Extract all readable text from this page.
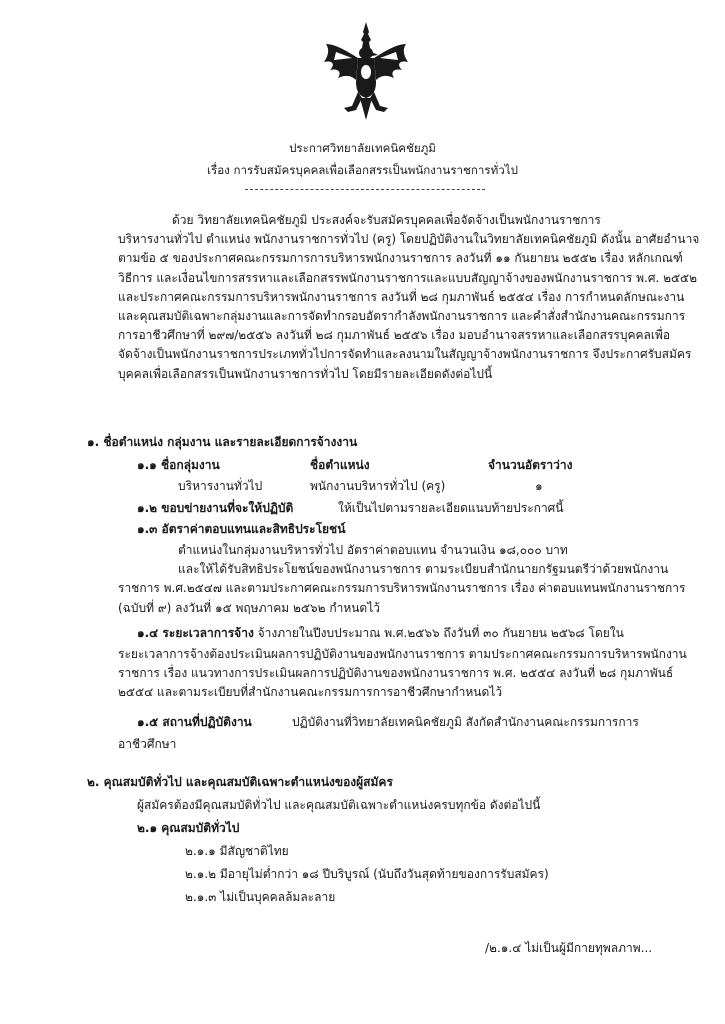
ประกาศวิทยาลัยเทคนิคชัยภูมิ
เรื่อง การรับสมัครบุคคลเพื่อเลือกสรรเป็นพนักงานราชการทั่วไป
ด้วย วิทยาลัยเทคนิคชัยภูมิ ประสงค์จะรับสมัครบุคคลเพื่อจัดจ้างเป็นพนักงานราชการ
บริหารงานทั่วไป ตำแหน่ง พนักงานราชการทั่วไป (ครู) โดยปฏิบัติงานในวิทยาลัยเทคนิคชัยภูมิ ดังนั้น อาศัยอำนาจ
ตามข้อ ๕ ของประกาศคณะกรรมการการบริหารพนักงานราชการ ลงวันที่ ๑๑ กันยายน ๒๕๕๒ เรื่อง หลักเกณฑ์
วิธีการ และเงื่อนไขการสรรหาและเลือกสรรพนักงานราชการและแบบสัญญาจ้างของพนักงานราชการ พ.ศ. ๒๕๕๒
และประกาศคณะกรรมการบริหารพนักงานราชการ ลงวันที่ ๒๘ กุมภาพันธ์ ๒๕๕๔ เรื่อง การกำหนดลักษณะงาน
และคุณสมบัติเฉพาะกลุ่มงานและการจัดทำกรอบอัตรากำลังพนักงานราชการ และคำสั่งสำนักงานคณะกรรมการ
การอาชีวศึกษาที่ ๒๙๗/๒๕๕๖ ลงวันที่ ๒๘ กุมภาพันธ์ ๒๕๕๖ เรื่อง มอบอำนาจสรรหาและเลือกสรรบุคคลเพื่อ
จัดจ้างเป็นพนักงานราชการประเภททั่วไปการจัดทำและลงนามในสัญญาจ้างพนักงานราชการ จึงประกาศรับสมัคร
บุคคลเพื่อเลือกสรรเป็นพนักงานราชการทั่วไป โดยมีรายละเอียดดังต่อไปนี้
๑. ชื่อตำแหน่ง กลุ่มงาน และรายละเอียดการจ้างงาน
๑.๑ ชื่อกลุ่มงาน	ชื่อตำแหน่ง	จำนวนอัตราว่าง
บริหารงานทั่วไป	พนักงานบริหารทั่วไป (ครู)	๑
๑.๒ ขอบข่ายงานที่จะให้ปฏิบัติ	ให้เป็นไปตามรายละเอียดแนบท้ายประกาศนี้
๑.๓ อัตราค่าตอบแทนและสิทธิประโยชน์
ตำแหน่งในกลุ่มงานบริหารทั่วไป อัตราค่าตอบแทน จำนวนเงิน ๑๘,๐๐๐ บาท
และให้ได้รับสิทธิประโยชน์ของพนักงานราชการ ตามระเบียบสำนักนายกรัฐมนตรีว่าด้วยพนักงาน
ราชการ พ.ศ.๒๕๔๗ และตามประกาศคณะกรรมการบริหารพนักงานราชการ เรื่อง ค่าตอบแทนพนักงานราชการ
(ฉบับที่ ๙) ลงวันที่ ๑๕ พฤษภาคม ๒๕๖๒ กำหนดไว้
๑.๔ ระยะเวลาการจ้าง จ้างภายในปีงบประมาณ พ.ศ.๒๕๖๖ ถึงวันที่ ๓๐ กันยายน ๒๕๖๘ โดยใน
ระยะเวลาการจ้างต้องประเมินผลการปฏิบัติงานของพนักงานราชการ ตามประกาศคณะกรรมการบริหารพนักงาน
ราชการ เรื่อง แนวทางการประเมินผลการปฏิบัติงานของพนักงานราชการ พ.ศ. ๒๕๕๔ ลงวันที่ ๒๘ กุมภาพันธ์
๒๕๕๔ และตามระเบียบที่สำนักงานคณะกรรมการการอาชีวศึกษากำหนดไว้
๑.๕ สถานที่ปฏิบัติงาน	ปฏิบัติงานที่วิทยาลัยเทคนิคชัยภูมิ สังกัดสำนักงานคณะกรรมการการ
อาชีวศึกษา
๒. คุณสมบัติทั่วไป และคุณสมบัติเฉพาะตำแหน่งของผู้สมัคร
ผู้สมัครต้องมีคุณสมบัติทั่วไป และคุณสมบัติเฉพาะตำแหน่งครบทุกข้อ ดังต่อไปนี้
๒.๑ คุณสมบัติทั่วไป
๒.๑.๑ มีสัญชาติไทย
๒.๑.๒ มีอายุไม่ต่ำกว่า ๑๘ ปีบริบูรณ์ (นับถึงวันสุดท้ายของการรับสมัคร)
๒.๑.๓ ไม่เป็นบุคคลล้มละลาย
/๒.๑.๔ ไม่เป็นผู้มีกายทุพลภาพ...
